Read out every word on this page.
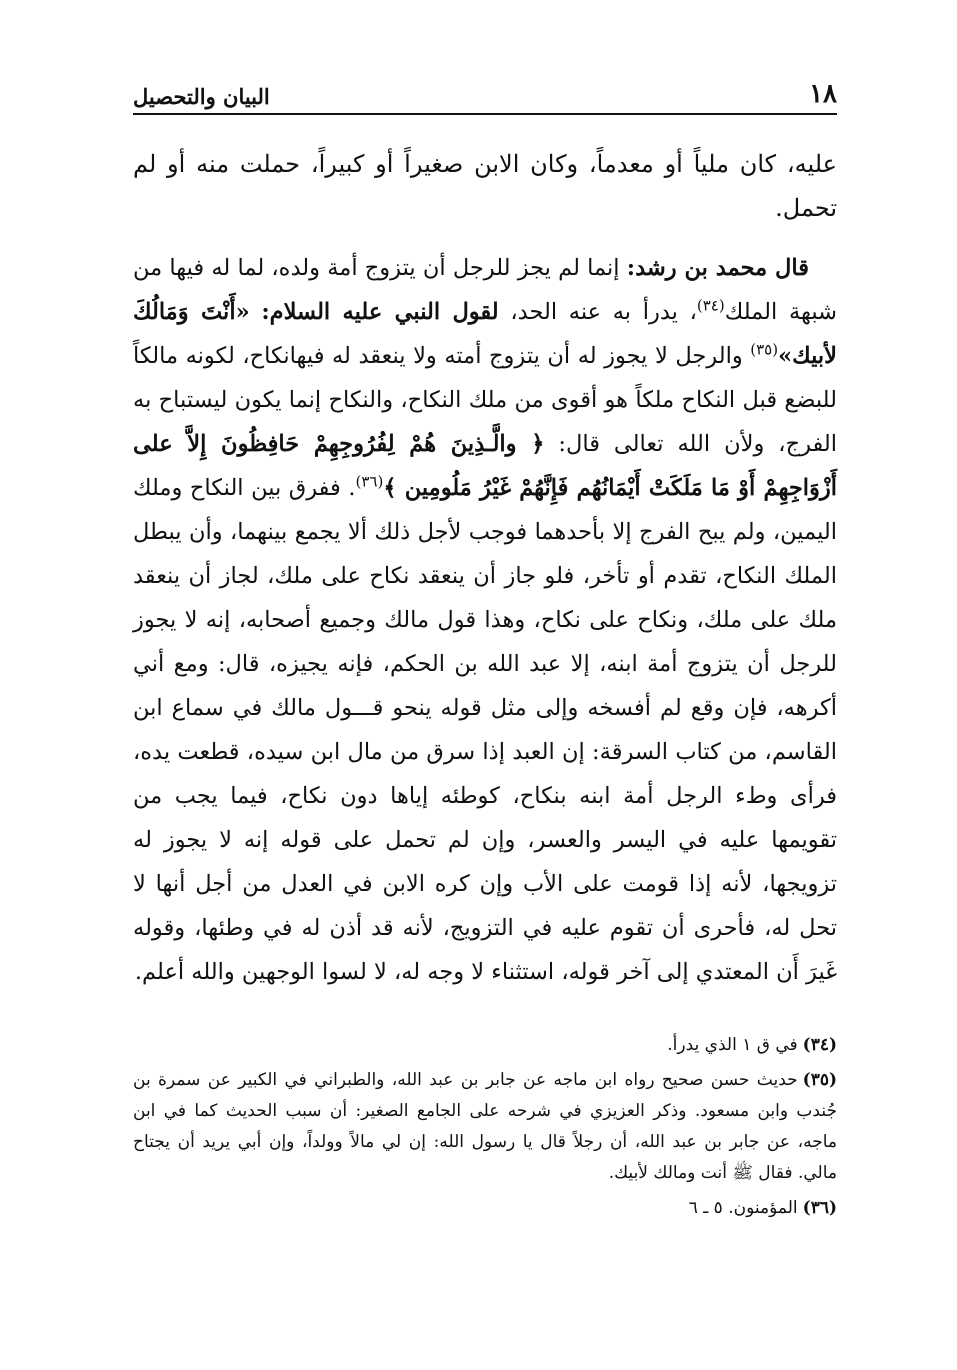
١٨
البيان والتحصيل

عليه، كان ملياً أو معدماً، وكان الابن صغيراً أو كبيراً، حملت منه أو لم تحمل.

قال محمد بن رشد: إنما لم يجز للرجل أن يتزوج أمة ولده، لما له فيها من شبهة الملك$^{(٣٤)}$، يدرأ به عنه الحد، لقول النبي عليه السلام: «أَنْتَ وَمَالُكَ لأبيك»$^{(٣٥)}$ والرجل لا يجوز له أن يتزوج أمته ولا ينعقد له فيهانكاح، لكونه مالكاً للبضع قبل النكاح ملكاً هو أقوى من ملك النكاح، والنكاح إنما يكون ليستباح به الفرج، ولأن الله تعالى قال: ﴿ والَّـذِينَ هُمْ لِفُرُوجِهِمْ حَافِظُونَ إِلاَّ على أَزْوَاجِهِمْ أَوْ مَا مَلَكَتْ أَيْمَانُهُم فَإِنَّهُمْ غَيْرُ مَلُومِين ﴾$^{(٣٦)}$. ففرق بين النكاح وملك اليمين، ولم يبح الفرج إلا بأحدهما فوجب لأجل ذلك ألا يجمع بينهما، وأن يبطل الملك النكاح، تقدم أو تأخر، فلو جاز أن ينعقد نكاح على ملك، لجاز أن ينعقد ملك على ملك، ونكاح على نكاح، وهذا قول مالك وجميع أصحابه، إنه لا يجوز للرجل أن يتزوج أمة ابنه، إلا عبد الله بن الحكم، فإنه يجيزه، قال: ومع أني أكرهه، فإن وقع لم أفسخه وإلى مثل قوله ينحو قـــول مالك في سماع ابن القاسم، من كتاب السرقة: إن العبد إذا سرق من مال ابن سيده، قطعت يده، فرأى وطء الرجل أمة ابنه بنكاح، كوطئه إياها دون نكاح، فيما يجب من تقويمها عليه في اليسر والعسر، وإن لم تحمل على قوله إنه لا يجوز له تزويجها، لأنه إذا قومت على الأب وإن كره الابن في العدل من أجل أنها لا تحل له، فأحرى أن تقوم عليه في التزويج، لأنه قد أذن له في وطئها، وقوله غَيرَ أَن المعتدي إلى آخر قوله، استثناء لا وجه له، لا لسوا الوجهين والله أعلم.

(٣٤)في ق ١ الذي يدرأ.

(٣٥)حديث حسن صحيح رواه ابن ماجه عن جابر بن عبد الله، والطبراني في الكبير عن سمرة بن جُندب وابن مسعود. وذكر العزيزي في شرحه على الجامع الصغير: أن سبب الحديث كما في ابن ماجه، عن جابر بن عبد الله، أن رجلاً قال يا رسول الله: إن لي مالاً وولداً، وإن أبي يريد أن يجتاح مالي. فقال ﷺ أنت ومالك لأبيك.

(٣٦)المؤمنون. ٥ ـ ٦
